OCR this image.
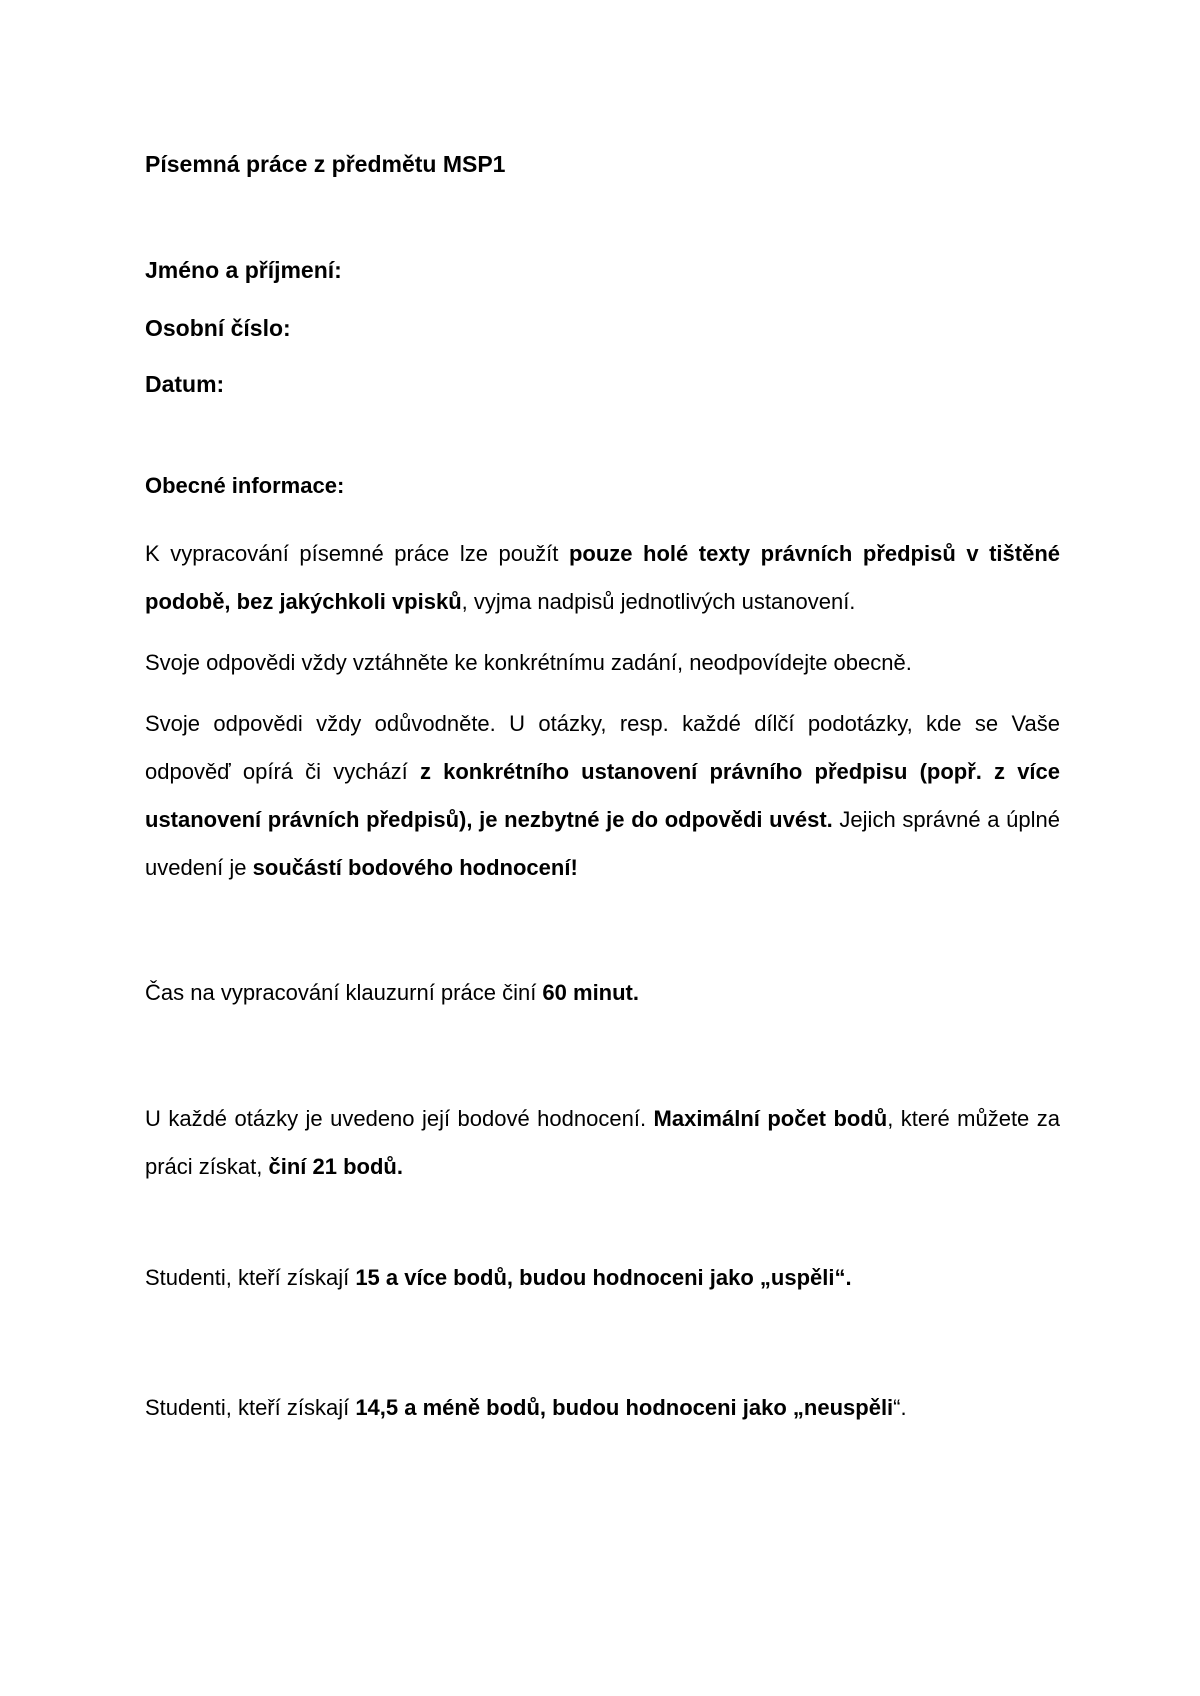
Písemná práce z předmětu MSP1
Jméno a příjmení:
Osobní číslo:
Datum:
Obecné informace:

K vypracování písemné práce lze použít pouze holé texty právních předpisů v tištěné podobě, bez jakýchkoli vpisků, vyjma nadpisů jednotlivých ustanovení.

Svoje odpovědi vždy vztáhněte ke konkrétnímu zadání, neodpovídejte obecně.

Svoje odpovědi vždy odůvodněte. U otázky, resp. každé dílčí podotázky, kde se Vaše odpověď opírá či vychází z konkrétního ustanovení právního předpisu (popř. z více ustanovení právních předpisů), je nezbytné je do odpovědi uvést. Jejich správné a úplné uvedení je součástí bodového hodnocení!

Čas na vypracování klauzurní práce činí 60 minut.

U každé otázky je uvedeno její bodové hodnocení. Maximální počet bodů, které můžete za práci získat, činí 21 bodů.

Studenti, kteří získají 15 a více bodů, budou hodnoceni jako „uspěli“.

Studenti, kteří získají 14,5 a méně bodů, budou hodnoceni jako „neuspěli“.
